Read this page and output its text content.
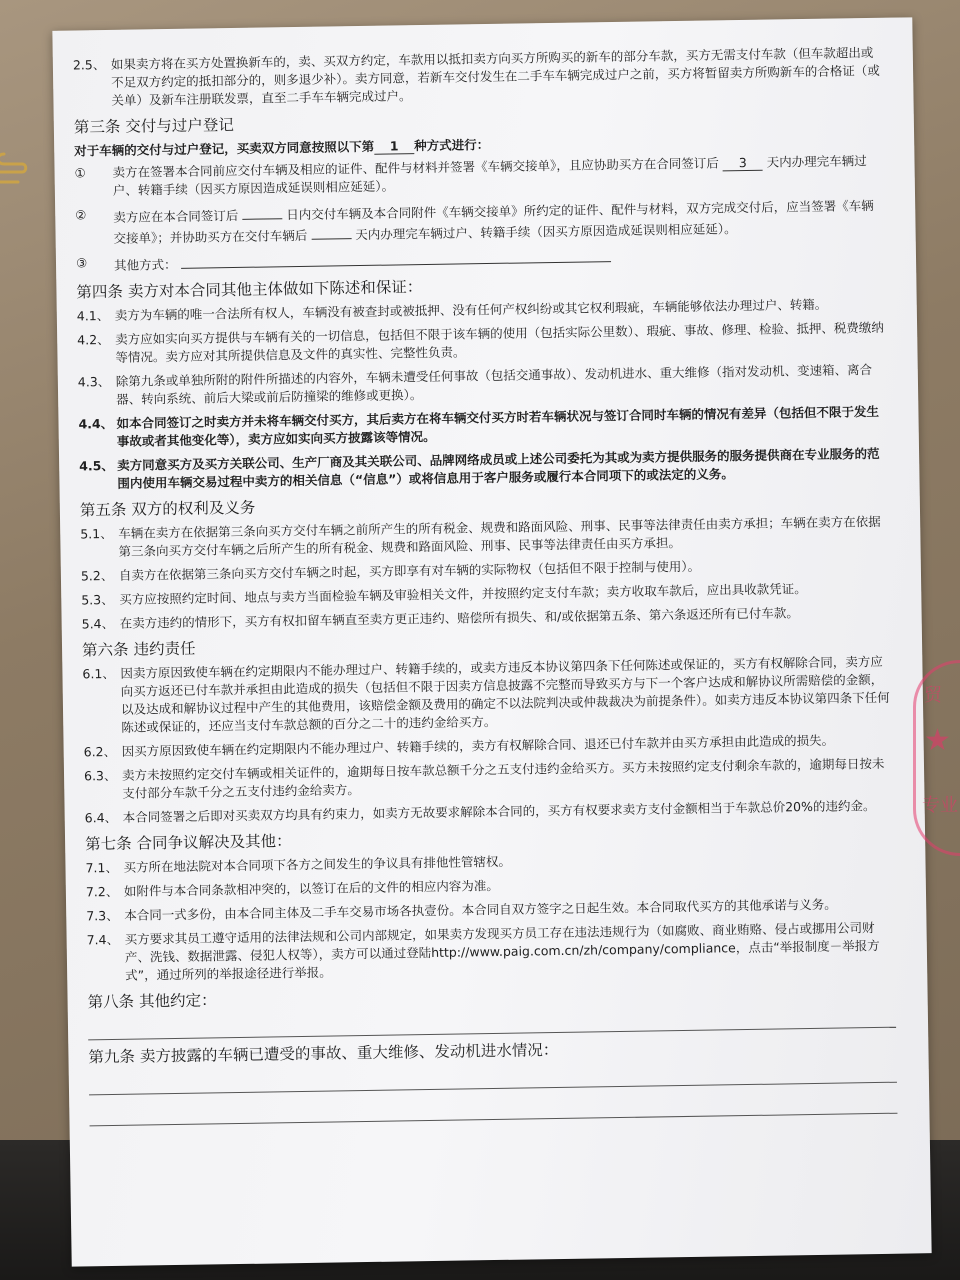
2.5、 如果卖方将在买方处置换新车的，卖、买双方约定，车款用以抵扣卖方向买方所购买的新车的部分车款，买方无需支付车款（但车款超出或不足双方约定的抵扣部分的，则多退少补）。卖方同意，若新车交付发生在二手车车辆完成过户之前，买方将暂留卖方所购新车的合格证（或关单）及新车注册联发票，直至二手车车辆完成过户。
第三条 交付与过户登记
对于车辆的交付与过户登记，买卖双方同意按照以下第 1 种方式进行：
①	卖方在签署本合同前应交付车辆及相应的证件、配件与材料并签署《车辆交接单》，且应协助买方在合同签订后 3 天内办理完车辆过户、转籍手续（因买方原因造成延误则相应延延）。
②	卖方应在本合同签订后	日内交付车辆及本合同附件《车辆交接单》所约定的证件、配件与材料，双方完成交付后，应当签署《车辆交接单》；并协助买方在交付车辆后	天内办理完车辆过户、转籍手续（因买方原因造成延误则相应延延）。
③	其他方式：
第四条 卖方对本合同其他主体做如下陈述和保证：
4.1、 卖方为车辆的唯一合法所有权人，车辆没有被查封或被抵押、没有任何产权纠纷或其它权利瑕疵，车辆能够依法办理过户、转籍。
4.2、 卖方应如实向买方提供与车辆有关的一切信息，包括但不限于该车辆的使用（包括实际公里数）、瑕疵、事故、修理、检验、抵押、税费缴纳等情况。卖方应对其所提供信息及文件的真实性、完整性负责。
4.3、 除第九条或单独所附的附件所描述的内容外，车辆未遭受任何事故（包括交通事故）、发动机进水、重大维修（指对发动机、变速箱、离合器、转向系统、前后大梁或前后防撞梁的维修或更换）。
4.4、 如本合同签订之时卖方并未将车辆交付买方，其后卖方在将车辆交付买方时若车辆状况与签订合同时车辆的情况有差异（包括但不限于发生事故或者其他变化等），卖方应如实向买方披露该等情况。
4.5、 卖方同意买方及买方关联公司、生产厂商及其关联公司、品牌网络成员或上述公司委托为其或为卖方提供服务的服务提供商在专业服务的范围内使用车辆交易过程中卖方的相关信息（“信息”）或将信息用于客户服务或履行本合同项下的或法定的义务。
第五条 双方的权利及义务
5.1、 车辆在卖方在依据第三条向买方交付车辆之前所产生的所有税金、规费和路面风险、刑事、民事等法律责任由卖方承担；车辆在卖方在依据第三条向买方交付车辆之后所产生的所有税金、规费和路面风险、刑事、民事等法律责任由买方承担。
5.2、 自卖方在依据第三条向买方交付车辆之时起，买方即享有对车辆的实际物权（包括但不限于控制与使用）。
5.3、 买方应按照约定时间、地点与卖方当面检验车辆及审验相关文件，并按照约定支付车款；卖方收取车款后，应出具收款凭证。
5.4、 在卖方违约的情形下，买方有权扣留车辆直至卖方更正违约、赔偿所有损失、和/或依据第五条、第六条返还所有已付车款。
第六条 违约责任
6.1、 因卖方原因致使车辆在约定期限内不能办理过户、转籍手续的，或卖方违反本协议第四条下任何陈述或保证的，买方有权解除合同，卖方应向买方返还已付车款并承担由此造成的损失（包括但不限于因卖方信息披露不完整而导致买方与下一个客户达成和解协议所需赔偿的金额，以及达成和解协议过程中产生的其他费用，该赔偿金额及费用的确定不以法院判决或仲裁裁决为前提条件）。如卖方违反本协议第四条下任何陈述或保证的，还应当支付车款总额的百分之二十的违约金给买方。
6.2、 因买方原因致使车辆在约定期限内不能办理过户、转籍手续的，卖方有权解除合同、退还已付车款并由买方承担由此造成的损失。
6.3、 卖方未按照约定交付车辆或相关证件的，逾期每日按车款总额千分之五支付违约金给买方。买方未按照约定支付剩余车款的，逾期每日按未支付部分车款千分之五支付违约金给卖方。
6.4、 本合同签署之后即对买卖双方均具有约束力，如卖方无故要求解除本合同的，买方有权要求卖方支付金额相当于车款总价20%的违约金。
第七条 合同争议解决及其他：
7.1、 买方所在地法院对本合同项下各方之间发生的争议具有排他性管辖权。
7.2、 如附件与本合同条款相冲突的，以签订在后的文件的相应内容为准。
7.3、 本合同一式多份，由本合同主体及二手车交易市场各执壹份。本合同自双方签字之日起生效。本合同取代买方的其他承诺与义务。
7.4、 买方要求其员工遵守适用的法律法规和公司内部规定，如果卖方发现买方员工存在违法违规行为（如腐败、商业贿赂、侵占或挪用公司财产、洗钱、数据泄露、侵犯人权等），卖方可以通过登陆http://www.paig.com.cn/zh/company/compliance，点击“举报制度－举报方式”，通过所列的举报途径进行举报。
第八条 其他约定：
第九条 卖方披露的车辆已遭受的事故、重大维修、发动机进水情况：
贸
★
专业
